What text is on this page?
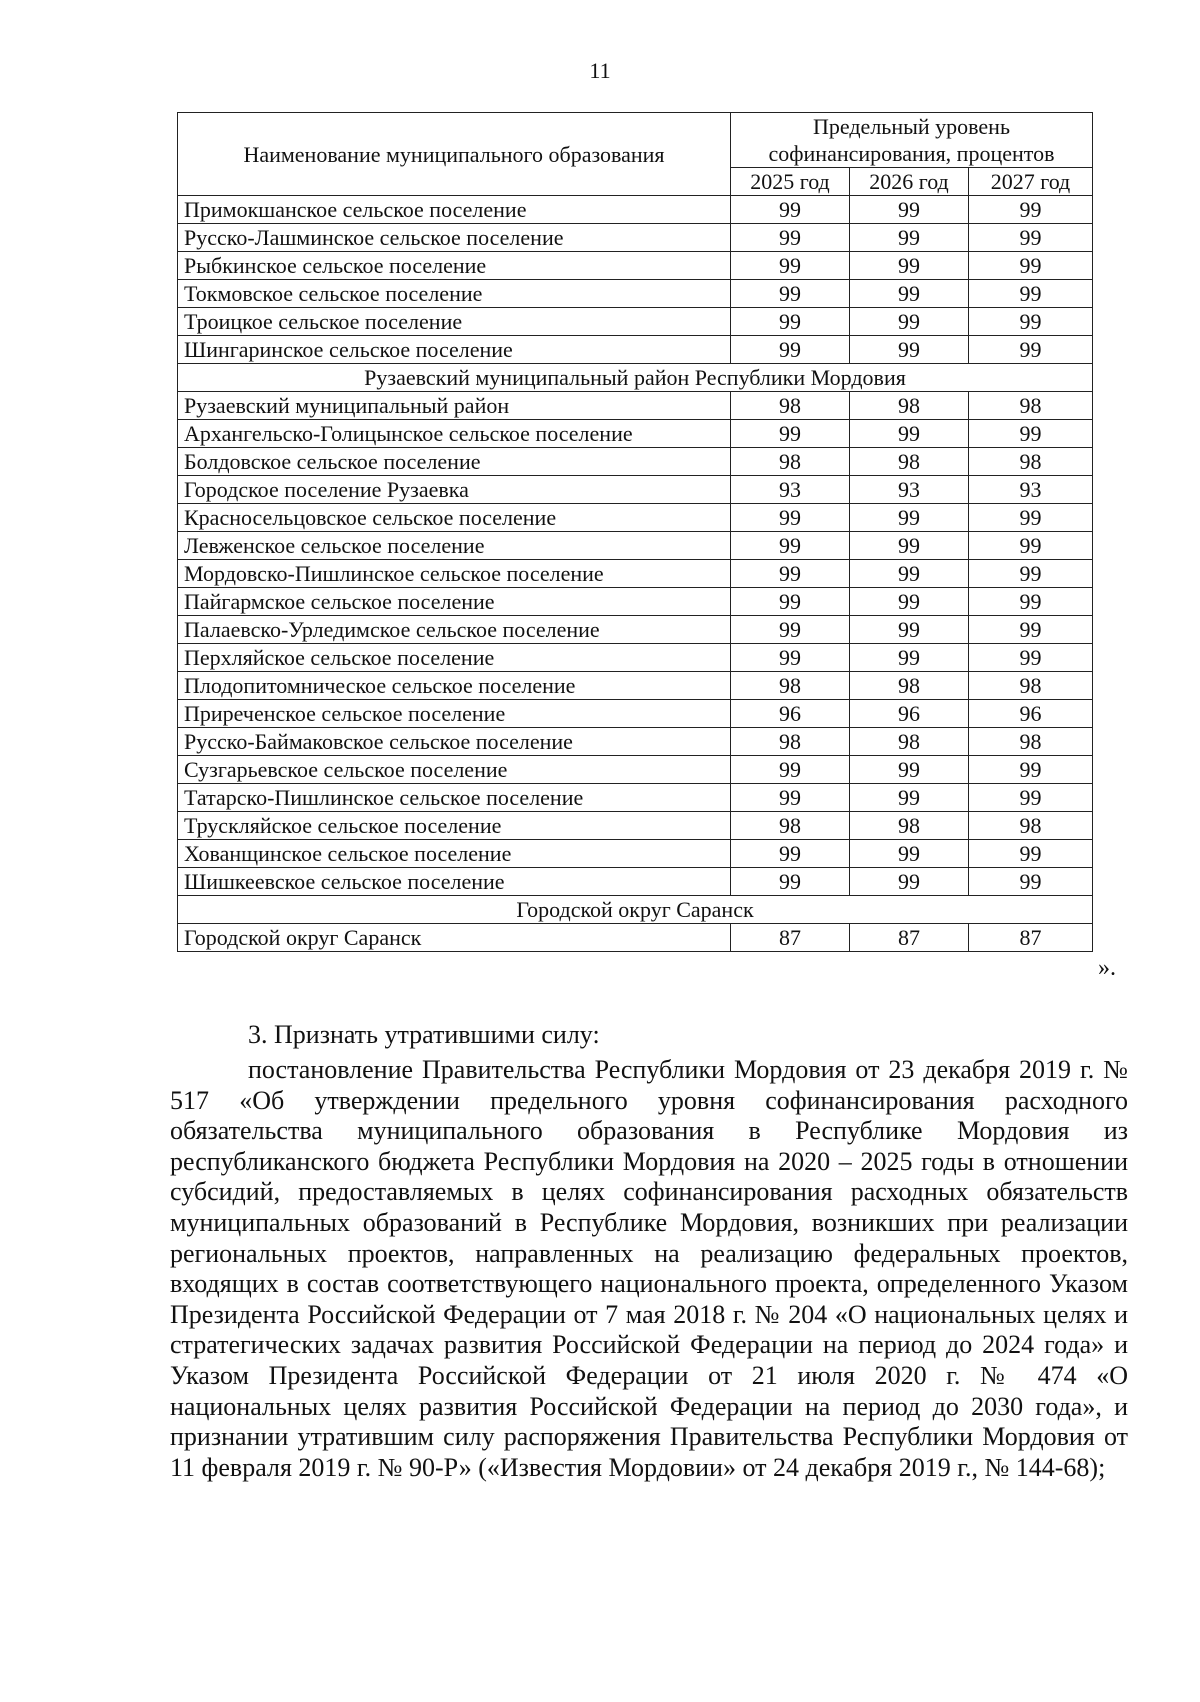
11
Наименование муниципального образования	Предельный уровень
софинансирования, процентов		
	2025 год	2026 год	2027 год
Примокшанское сельское поселение	99	99	99
Русско-Лашминское сельское поселение	99	99	99
Рыбкинское сельское поселение	99	99	99
Токмовское сельское поселение	99	99	99
Троицкое сельское поселение	99	99	99
Шингаринское сельское поселение	99	99	99
Рузаевский муниципальный район Республики Мордовия			
Рузаевский муниципальный район	98	98	98
Архангельско-Голицынское сельское поселение	99	99	99
Болдовское сельское поселение	98	98	98
Городское поселение Рузаевка	93	93	93
Красносельцовское сельское поселение	99	99	99
Левженское сельское поселение	99	99	99
Мордовско-Пишлинское сельское поселение	99	99	99
Пайгармское сельское поселение	99	99	99
Палаевско-Урледимское сельское поселение	99	99	99
Перхляйское сельское поселение	99	99	99
Плодопитомническое сельское поселение	98	98	98
Приреченское сельское поселение	96	96	96
Русско-Баймаковское сельское поселение	98	98	98
Сузгарьевское сельское поселение	99	99	99
Татарско-Пишлинское сельское поселение	99	99	99
Трускляйское сельское поселение	98	98	98
Хованщинское сельское поселение	99	99	99
Шишкеевское сельское поселение	99	99	99
Городской округ Саранск			
Городской округ Саранск	87	87	87
».
3. Признать утратившими силу:
постановление Правительства Республики Мордовия от 23 декабря 2019 г. № 517 «Об утверждении предельного уровня софинансирования расходного обязательства муниципального образования в Республике Мордовия из республиканского бюджета Республики Мордовия на 2020 – 2025 годы в отношении субсидий, предоставляемых в целях софинансирования расходных обязательств муниципальных образований в Республике Мордовия, возникших при реализации региональных проектов, направленных на реализацию федеральных проектов, входящих в состав соответствующего национального проекта, определенного Указом Президента Российской Федерации от 7 мая 2018 г. № 204 «О национальных целях и стратегических задачах развития Российской Федерации на период до 2024 года» и Указом Президента Российской Федерации от 21 июля 2020 г. № 474 «О национальных целях развития Российской Федерации на период до 2030 года», и признании утратившим силу распоряжения Правительства Республики Мордовия от 11 февраля 2019 г. № 90-Р» («Известия Мордовии» от 24 декабря 2019 г., № 144-68);
